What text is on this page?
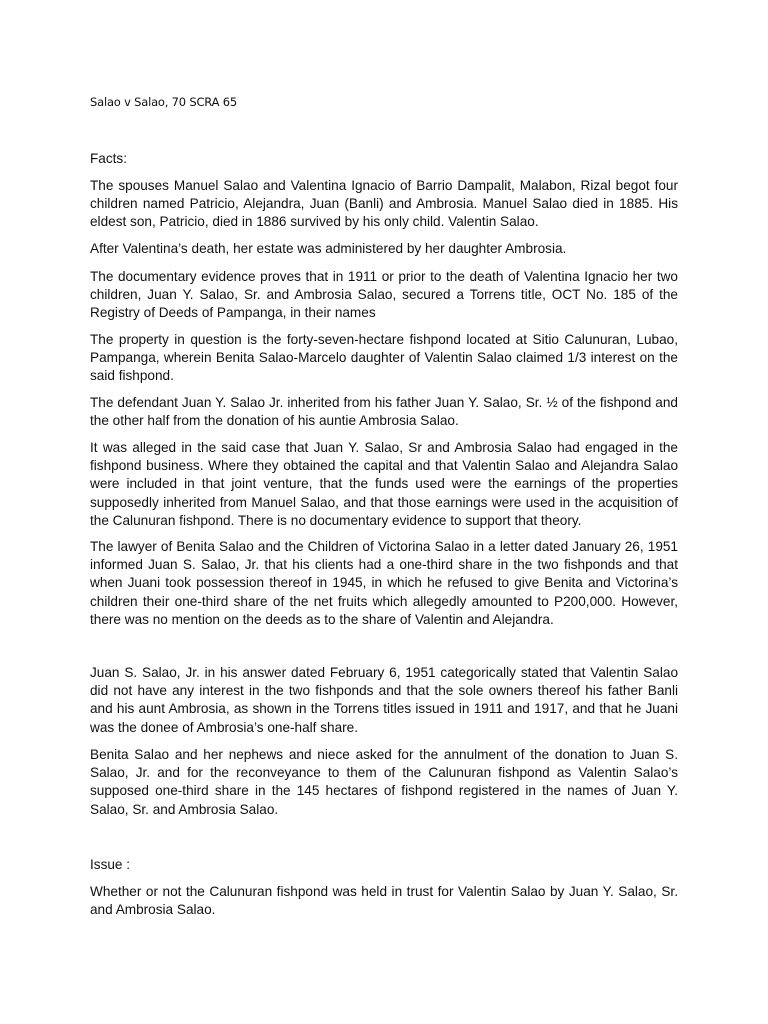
Salao v Salao, 70 SCRA 65
Facts:

The spouses Manuel Salao and Valentina Ignacio of Barrio Dampalit, Malabon, Rizal begot four children named Patricio, Alejandra, Juan (Banli) and Ambrosia. Manuel Salao died in 1885. His eldest son, Patricio, died in 1886 survived by his only child. Valentin Salao.

After Valentina’s death, her estate was administered by her daughter Ambrosia.

The documentary evidence proves that in 1911 or prior to the death of Valentina Ignacio her two children, Juan Y. Salao, Sr. and Ambrosia Salao, secured a Torrens title, OCT No. 185 of the Registry of Deeds of Pampanga, in their names

The property in question is the forty-seven-hectare fishpond located at Sitio Calunuran, Lubao, Pampanga, wherein Benita Salao-Marcelo daughter of Valentin Salao claimed 1/3 interest on the said fishpond.

The defendant Juan Y. Salao Jr. inherited from his father Juan Y. Salao, Sr. ½ of the fishpond and the other half from the donation of his auntie Ambrosia Salao.

It was alleged in the said case that Juan Y. Salao, Sr and Ambrosia Salao had engaged in the fishpond business. Where they obtained the capital and that Valentin Salao and Alejandra Salao were included in that joint venture, that the funds used were the earnings of the properties supposedly inherited from Manuel Salao, and that those earnings were used in the acquisition of the Calunuran fishpond. There is no documentary evidence to support that theory.

The lawyer of Benita Salao and the Children of Victorina Salao in a letter dated January 26, 1951 informed Juan S. Salao, Jr. that his clients had a one-third share in the two fishponds and that when Juani took possession thereof in 1945, in which he refused to give Benita and Victorina’s children their one-third share of the net fruits which allegedly amounted to P200,000. However, there was no mention on the deeds as to the share of Valentin and Alejandra.

Juan S. Salao, Jr. in his answer dated February 6, 1951 categorically stated that Valentin Salao did not have any interest in the two fishponds and that the sole owners thereof his father Banli and his aunt Ambrosia, as shown in the Torrens titles issued in 1911 and 1917, and that he Juani was the donee of Ambrosia’s one-half share.

Benita Salao and her nephews and niece asked for the annulment of the donation to Juan S. Salao, Jr. and for the reconveyance to them of the Calunuran fishpond as Valentin Salao’s supposed one-third share in the 145 hectares of fishpond registered in the names of Juan Y. Salao, Sr. and Ambrosia Salao.

Issue :

Whether or not the Calunuran fishpond was held in trust for Valentin Salao by Juan Y. Salao, Sr. and Ambrosia Salao.
